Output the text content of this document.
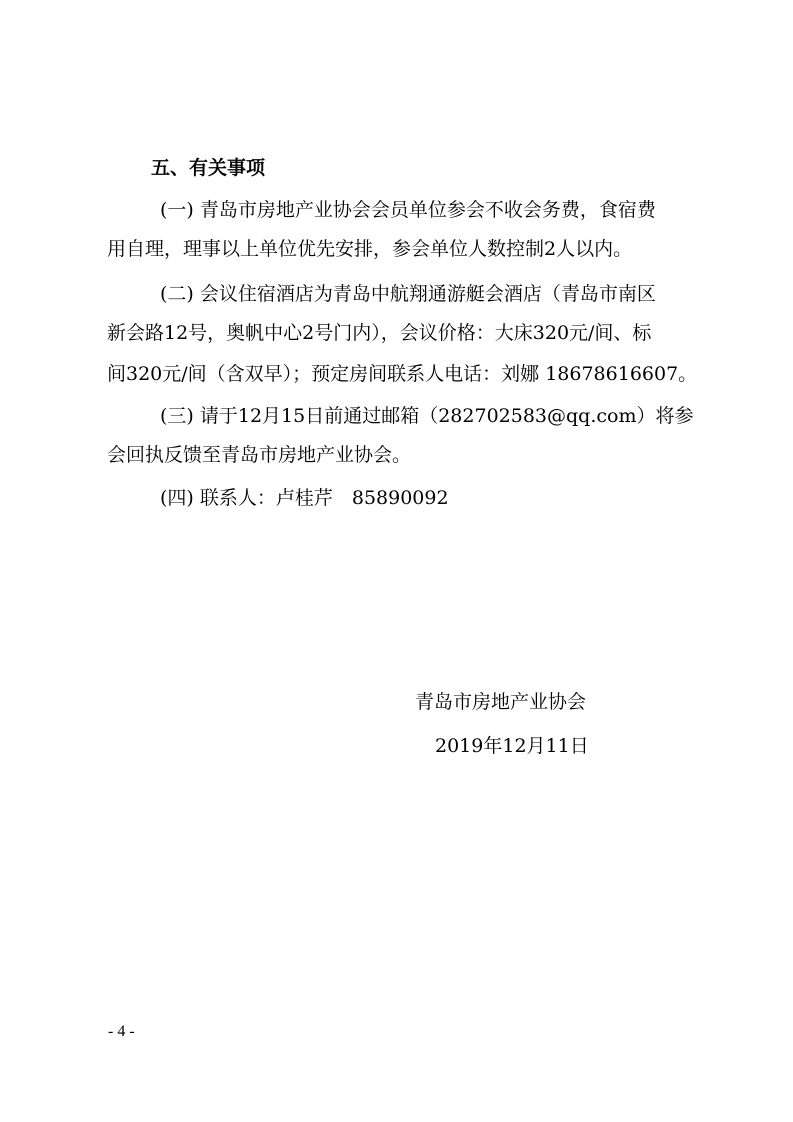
五、有关事项
(一) 青岛市房地产业协会会员单位参会不收会务费，食宿费
用自理，理事以上单位优先安排，参会单位人数控制2人以内。
(二) 会议住宿酒店为青岛中航翔通游艇会酒店（青岛市南区
新会路12号，奥帆中心2号门内），会议价格：大床320元/间、标
间320元/间（含双早）；预定房间联系人电话：刘娜 18678616607。
(三) 请于12月15日前通过邮箱（282702583@qq.com）将参
会回执反馈至青岛市房地产业协会。
(四) 联系人：卢桂芹　85890092
青岛市房地产业协会
2019年12月11日
- 4 -
